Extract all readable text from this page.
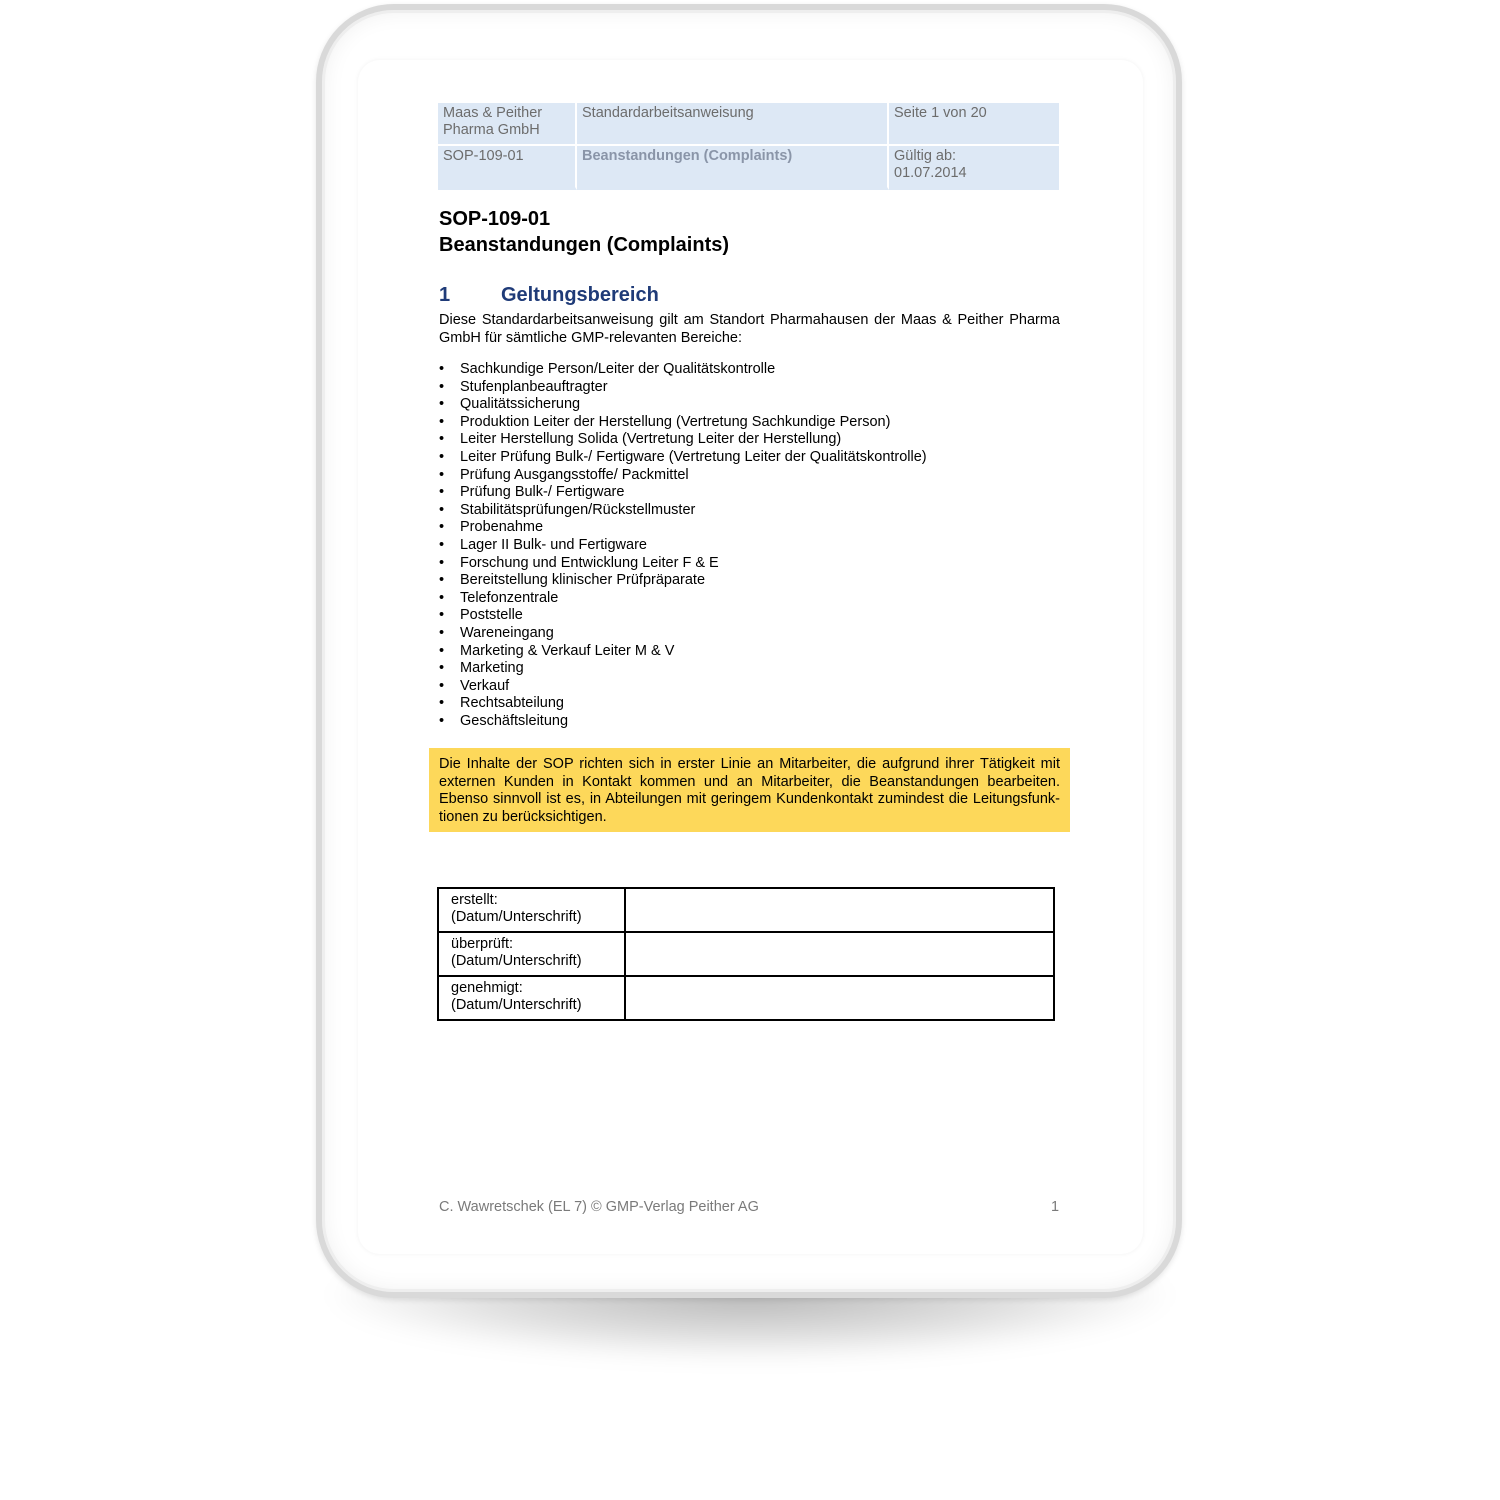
Maas & Peither Pharma GmbH	Standardarbeitsanweisung	Seite 1 von 20
SOP-109-01	Beanstandungen (Complaints)	Gültig ab:
01.07.2014
SOP-109-01
Beanstandungen (Complaints)
1	Geltungsbereich
Diese Standardarbeitsanweisung gilt am Standort Pharmahausen der Maas & Peither Pharma GmbH für sämtliche GMP-relevanten Bereiche:
• Sachkundige Person/Leiter der Qualitätskontrolle
• Stufenplanbeauftragter
• Qualitätssicherung
• Produktion Leiter der Herstellung (Vertretung Sachkundige Person)
• Leiter Herstellung Solida (Vertretung Leiter der Herstellung)
• Leiter Prüfung Bulk-/ Fertigware (Vertretung Leiter der Qualitätskontrolle)
• Prüfung Ausgangsstoffe/ Packmittel
• Prüfung Bulk-/ Fertigware
• Stabilitätsprüfungen/Rückstellmuster
• Probenahme
• Lager II Bulk- und Fertigware
• Forschung und Entwicklung Leiter F & E
• Bereitstellung klinischer Prüfpräparate
• Telefonzentrale
• Poststelle
• Wareneingang
• Marketing & Verkauf Leiter M & V
• Marketing
• Verkauf
• Rechtsabteilung
• Geschäftsleitung
Die Inhalte der SOP richten sich in erster Linie an Mitarbeiter, die aufgrund ihrer Tätigkeit mit externen Kunden in Kontakt kommen und an Mitarbeiter, die Beanstandungen bearbeiten. Ebenso sinnvoll ist es, in Abteilungen mit geringem Kundenkontakt zumindest die Leitungsfunk- tionen zu berücksichtigen.
erstellt:
(Datum/Unterschrift)	

überprüft:
(Datum/Unterschrift)	

genehmigt:
(Datum/Unterschrift)	

C. Wawretschek (EL 7) © GMP-Verlag Peither AG	1
